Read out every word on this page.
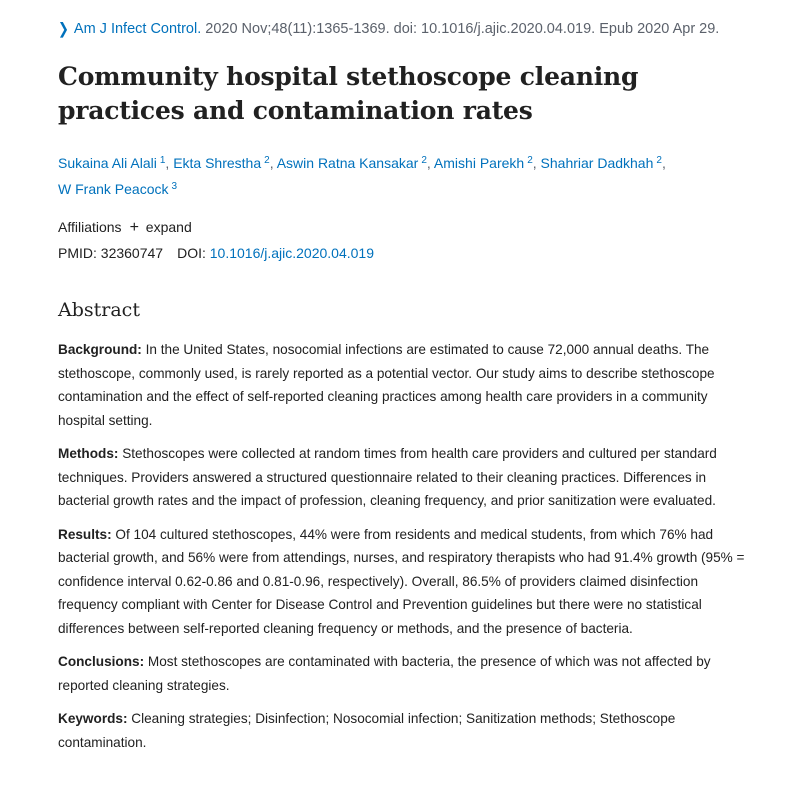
❯ Am J Infect Control. 2020 Nov;48(11):1365-1369. doi: 10.1016/j.ajic.2020.04.019. Epub 2020 Apr 29.
Community hospital stethoscope cleaning practices and contamination rates
Sukaina Ali Alali $^1$, Ekta Shrestha $^2$, Aswin Ratna Kansakar $^2$, Amishi Parekh $^2$, Shahriar Dadkhah $^2$,
W Frank Peacock $^3$
Affiliations + expand
PMID: 32360747 DOI: 10.1016/j.ajic.2020.04.019
Abstract

Background: In the United States, nosocomial infections are estimated to cause 72,000 annual deaths. The stethoscope, commonly used, is rarely reported as a potential vector. Our study aims to describe stethoscope contamination and the effect of self-reported cleaning practices among health care providers in a community hospital setting.

Methods: Stethoscopes were collected at random times from health care providers and cultured per standard techniques. Providers answered a structured questionnaire related to their cleaning practices. Differences in bacterial growth rates and the impact of profession, cleaning frequency, and prior sanitization were evaluated.

Results: Of 104 cultured stethoscopes, 44% were from residents and medical students, from which 76% had bacterial growth, and 56% were from attendings, nurses, and respiratory therapists who had 91.4% growth (95% = confidence interval 0.62-0.86 and 0.81-0.96, respectively). Overall, 86.5% of providers claimed disinfection frequency compliant with Center for Disease Control and Prevention guidelines but there were no statistical differences between self-reported cleaning frequency or methods, and the presence of bacteria.

Conclusions: Most stethoscopes are contaminated with bacteria, the presence of which was not affected by reported cleaning strategies.

Keywords: Cleaning strategies; Disinfection; Nosocomial infection; Sanitization methods; Stethoscope contamination.
